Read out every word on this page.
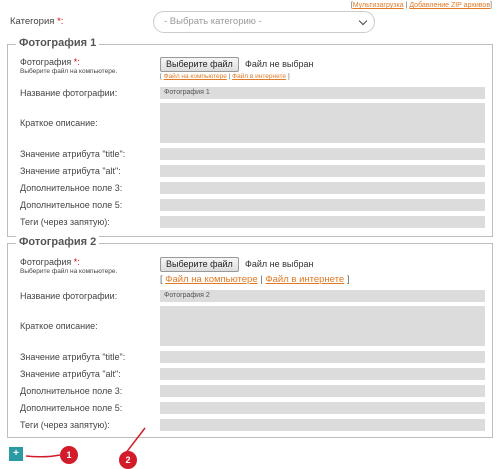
[Мультизагрузка | Добавление ZIP архивов]
Категория *:	- Выбрать категорию -
Фотография 1
Фотография *:
Выберите файл на компьютере.
Выберите файл	Файл не выбран
[ Файл на компьютере | Файл в интернете ]
Название фотографии:	Фотография 1
Краткое описание:
Значение атрибута "title":
Значение атрибута "alt":
Дополнительное поле 3:
Дополнительное поле 5:
Теги (через запятую):
Фотография 2
Фотография *:
Выберите файл на компьютере.
Выберите файл	Файл не выбран
[ Файл на компьютере | Файл в интернете ]
Название фотографии:	Фотография 2
Краткое описание:
Значение атрибута "title":
Значение атрибута "alt":
Дополнительное поле 3:
Дополнительное поле 5:
Теги (через запятую):
+	1	2
